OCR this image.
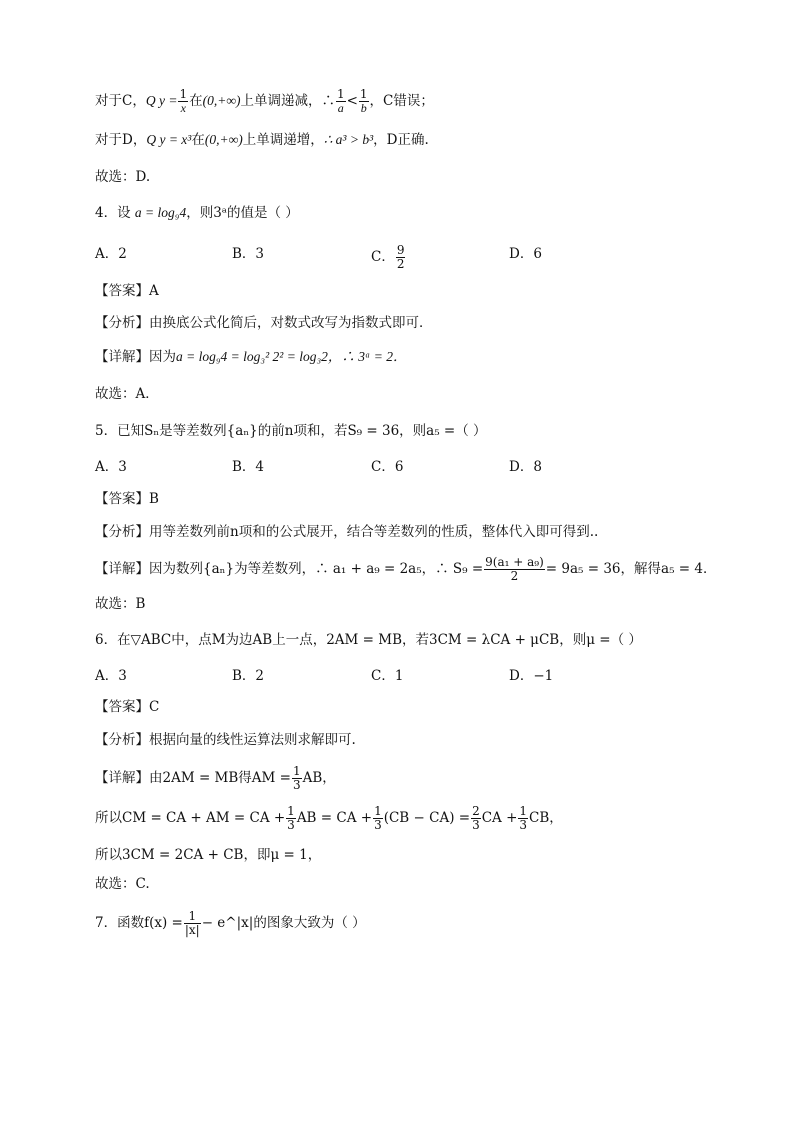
对于C，Q $y = \frac{1}{x}$ 在(0,+∞)上单调递减，∴ $\frac{1}{a} < \frac{1}{b}$ ，C错误；
对于D，Q y = x³在(0,+∞)上单调递增，∴ a³ > b³，D正确.
故选：D.
4．设 a = log₉4，则3ᵃ的值是（ ）
A．2	B．3	C． $\frac{9}{2}$	D．6
【答案】A
【分析】由换底公式化简后，对数式改写为指数式即可．
【详解】因为a = log₉4 = log₃² 2² = log₃2，∴ 3ᵃ = 2．
故选：A．
5．已知Sₙ是等差数列{aₙ}的前n项和，若S₉ = 36，则a₅ =（ ）
A．3	B．4	C．6	D．8
【答案】B
【分析】用等差数列前n项和的公式展开，结合等差数列的性质，整体代入即可得到..
【详解】因为数列{aₙ}为等差数列，∴ a₁ + a₉ = 2a₅，∴ $S_9 = \frac{\text{9(a₁ + a₉)}}{2} = 9a_5 = 36$，解得a₅ = 4．
故选：B
6．在▽ABC中，点M为边AB上一点，2AM = MB，若3CM = λCA + μCB，则μ =（ ）
A．3	B．2	C．1	D．−1
【答案】C
【分析】根据向量的线性运算法则求解即可.
【详解】由2AM = MB得AM = $\frac{1}{3}$ AB，
所以CM = CA + AM = CA + $\frac{1}{3}$ AB = CA + $\frac{1}{3} (CB - CA) = \frac{2}{3}$ CA + $\frac{1}{3}$ CB，
所以3CM = 2CA + CB，即μ = 1，
故选：C.
7．函数$f(x) = \frac{1}{|x|}$ − e^|x|的图象大致为（ ）
